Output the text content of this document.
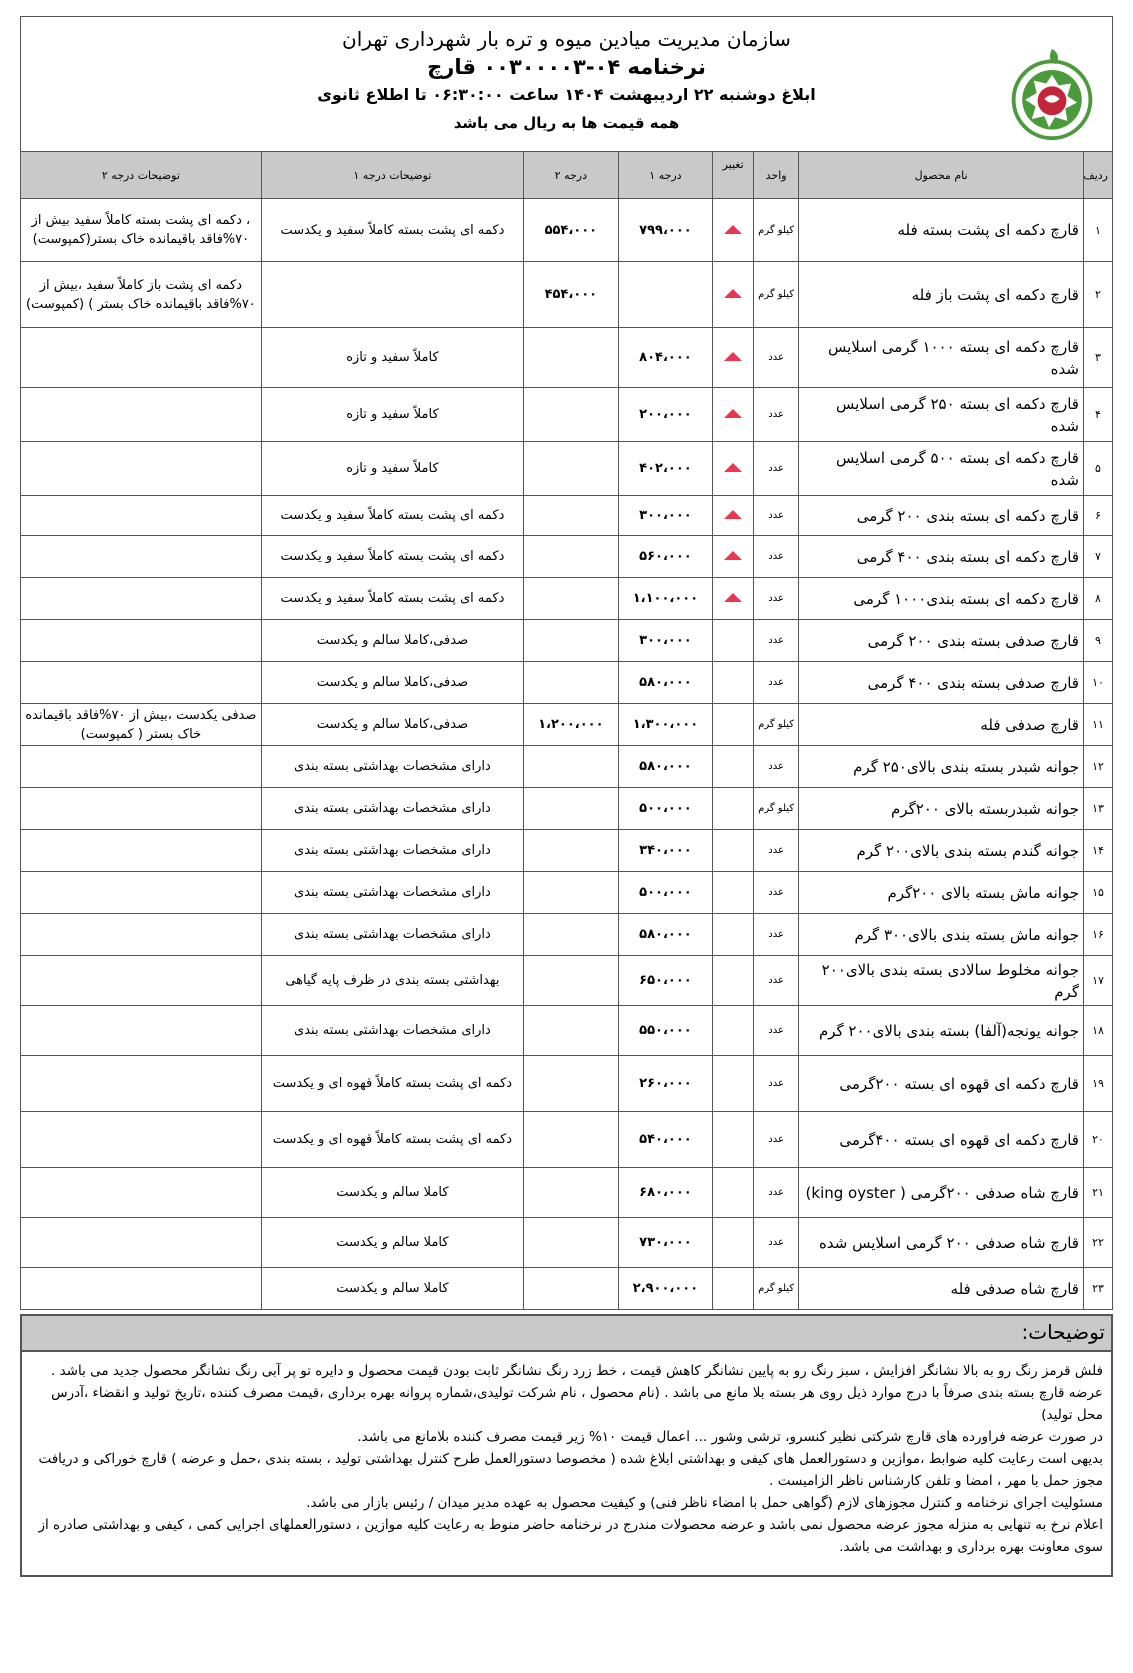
سازمان مدیریت میادین میوه و تره بار شهرداری تهران
نرخنامه ۰۴-۰۰۳۰۰۰۰۳ قارچ
ابلاغ دوشنبه ۲۲ اردیبهشت ۱۴۰۴ ساعت ۰۶:۳۰:۰۰ تا اطلاع ثانوی
همه قیمت ها به ریال می باشد
ردیف	نام محصول	واحد	تغییر	درجه ۱	درجه ۲	توضیحات درجه ۱	توضیحات درجه ۲
۱	قارچ دکمه ای پشت بسته فله	کیلو گرم		۷۹۹،۰۰۰	۵۵۴،۰۰۰	دکمه ای پشت بسته کاملاً سفید و یکدست	، دکمه ای پشت بسته کاملاً سفید بیش از ۷۰%فاقد باقیمانده خاک بستر(کمپوست)
۲	قارچ دکمه ای پشت باز فله	کیلو گرم			۴۵۴،۰۰۰		دکمه ای پشت باز کاملاً سفید ،بیش از ۷۰%فاقد باقیمانده خاک بستر ) (کمپوست)
۳	قارچ دکمه ای بسته ۱۰۰۰ گرمی اسلایس شده	عدد		۸۰۴،۰۰۰		کاملاً سفید و تازه	
۴	قارچ دکمه ای بسته ۲۵۰ گرمی اسلایس شده	عدد		۲۰۰،۰۰۰		کاملاً سفید و تازه	
۵	قارچ دکمه ای بسته ۵۰۰ گرمی اسلایس شده	عدد		۴۰۲،۰۰۰		کاملاً سفید و تازه	
۶	قارچ دکمه ای بسته بندی ۲۰۰ گرمی	عدد		۳۰۰،۰۰۰		دکمه ای پشت بسته کاملاً سفید و یکدست	
۷	قارچ دکمه ای بسته بندی ۴۰۰ گرمی	عدد		۵۶۰،۰۰۰		دکمه ای پشت بسته کاملاً سفید و یکدست	
۸	قارچ دکمه ای بسته بندی۱۰۰۰ گرمی	عدد		۱،۱۰۰،۰۰۰		دکمه ای پشت بسته کاملاً سفید و یکدست	
۹	قارچ صدفی بسته بندی ۲۰۰ گرمی	عدد		۳۰۰،۰۰۰		صدفی،کاملا سالم و یکدست	
۱۰	قارچ صدفی بسته بندی ۴۰۰ گرمی	عدد		۵۸۰،۰۰۰		صدفی،کاملا سالم و یکدست	
۱۱	قارچ صدفی فله	کیلو گرم		۱،۳۰۰،۰۰۰	۱،۲۰۰،۰۰۰	صدفی،کاملا سالم و یکدست	صدفی یکدست ،بیش از ۷۰%فاقد باقیمانده خاک بستر ( کمپوست)
۱۲	جوانه شبدر بسته بندی بالای۲۵۰ گرم	عدد		۵۸۰،۰۰۰		دارای مشخصات بهداشتی بسته بندی	
۱۳	جوانه شبدربسته بالای ۲۰۰گرم	کیلو گرم		۵۰۰،۰۰۰		دارای مشخصات بهداشتی بسته بندی	
۱۴	جوانه گندم بسته بندی بالای۲۰۰ گرم	عدد		۳۴۰،۰۰۰		دارای مشخصات بهداشتی بسته بندی	
۱۵	جوانه ماش بسته بالای ۲۰۰گرم	عدد		۵۰۰،۰۰۰		دارای مشخصات بهداشتی بسته بندی	
۱۶	جوانه ماش بسته بندی بالای۳۰۰ گرم	عدد		۵۸۰،۰۰۰		دارای مشخصات بهداشتی بسته بندی	
۱۷	جوانه مخلوط سالادی بسته بندی بالای۲۰۰ گرم	عدد		۶۵۰،۰۰۰		بهداشتی بسته بندی در ظرف پایه گیاهی	
۱۸	جوانه یونجه(آلفا) بسته بندی بالای۲۰۰ گرم	عدد		۵۵۰،۰۰۰		دارای مشخصات بهداشتی بسته بندی	
۱۹	قارچ دکمه ای قهوه ای بسته ۲۰۰گرمی	عدد		۲۶۰،۰۰۰		دکمه ای پشت بسته کاملاً قهوه ای و یکدست	
۲۰	قارچ دکمه ای قهوه ای بسته ۴۰۰گرمی	عدد		۵۴۰،۰۰۰		دکمه ای پشت بسته کاملاً قهوه ای و یکدست	
۲۱	قارچ شاه صدفی ۲۰۰گرمی ( king oyster)	عدد		۶۸۰،۰۰۰		کاملا سالم و یکدست	
۲۲	قارچ شاه صدفی ۲۰۰ گرمی اسلایس شده	عدد		۷۳۰،۰۰۰		کاملا سالم و یکدست	
۲۳	قارچ شاه صدفی فله	کیلو گرم		۲،۹۰۰،۰۰۰		کاملا سالم و یکدست	
توضیحات:
فلش قرمز رنگ رو به بالا نشانگر افزایش ، سبز رنگ رو به پایین نشانگر کاهش قیمت ، خط زرد رنگ نشانگر ثابت بودن قیمت محصول و دایره تو پر آبی رنگ نشانگر محصول جدید می باشد .
عرضه قارچ بسته بندی صرفاً با درج موارد ذیل روی هر بسته بلا مانع می باشد . (نام محصول ، نام شرکت تولیدی،شماره پروانه بهره برداری ،قیمت مصرف کننده ،تاریخ تولید و انقضاء ،آدرس محل تولید)
در صورت عرضه فراورده های قارچ شرکتی نظیر کنسرو، ترشی وشور ... اعمال قیمت ۱۰% زیر قیمت مصرف کننده بلامانع می باشد.
بدیهی است رعایت کلیه ضوابط ،موازین و دستورالعمل های کیفی و بهداشتی ابلاغ شده ( مخصوصا دستورالعمل طرح کنترل بهداشتی تولید ، بسته بندی ،حمل و عرضه ) قارچ خوراکی و دریافت مجوز حمل با مهر ، امضا و تلفن کارشناس ناظر الزامیست .
مسئولیت اجرای نرخنامه و کنترل مجوزهای لازم (گواهی حمل با امضاء ناظر فنی) و کیفیت محصول به عهده مدیر میدان / رئیس بازار می باشد.
اعلام نرخ به تنهایی به منزله مجوز عرضه محصول نمی باشد و عرضه محصولات مندرج در نرخنامه حاضر منوط به رعایت کلیه موازین ، دستورالعملهای اجرایی کمی ، کیفی و بهداشتی صادره از سوی معاونت بهره برداری و بهداشت می باشد.
